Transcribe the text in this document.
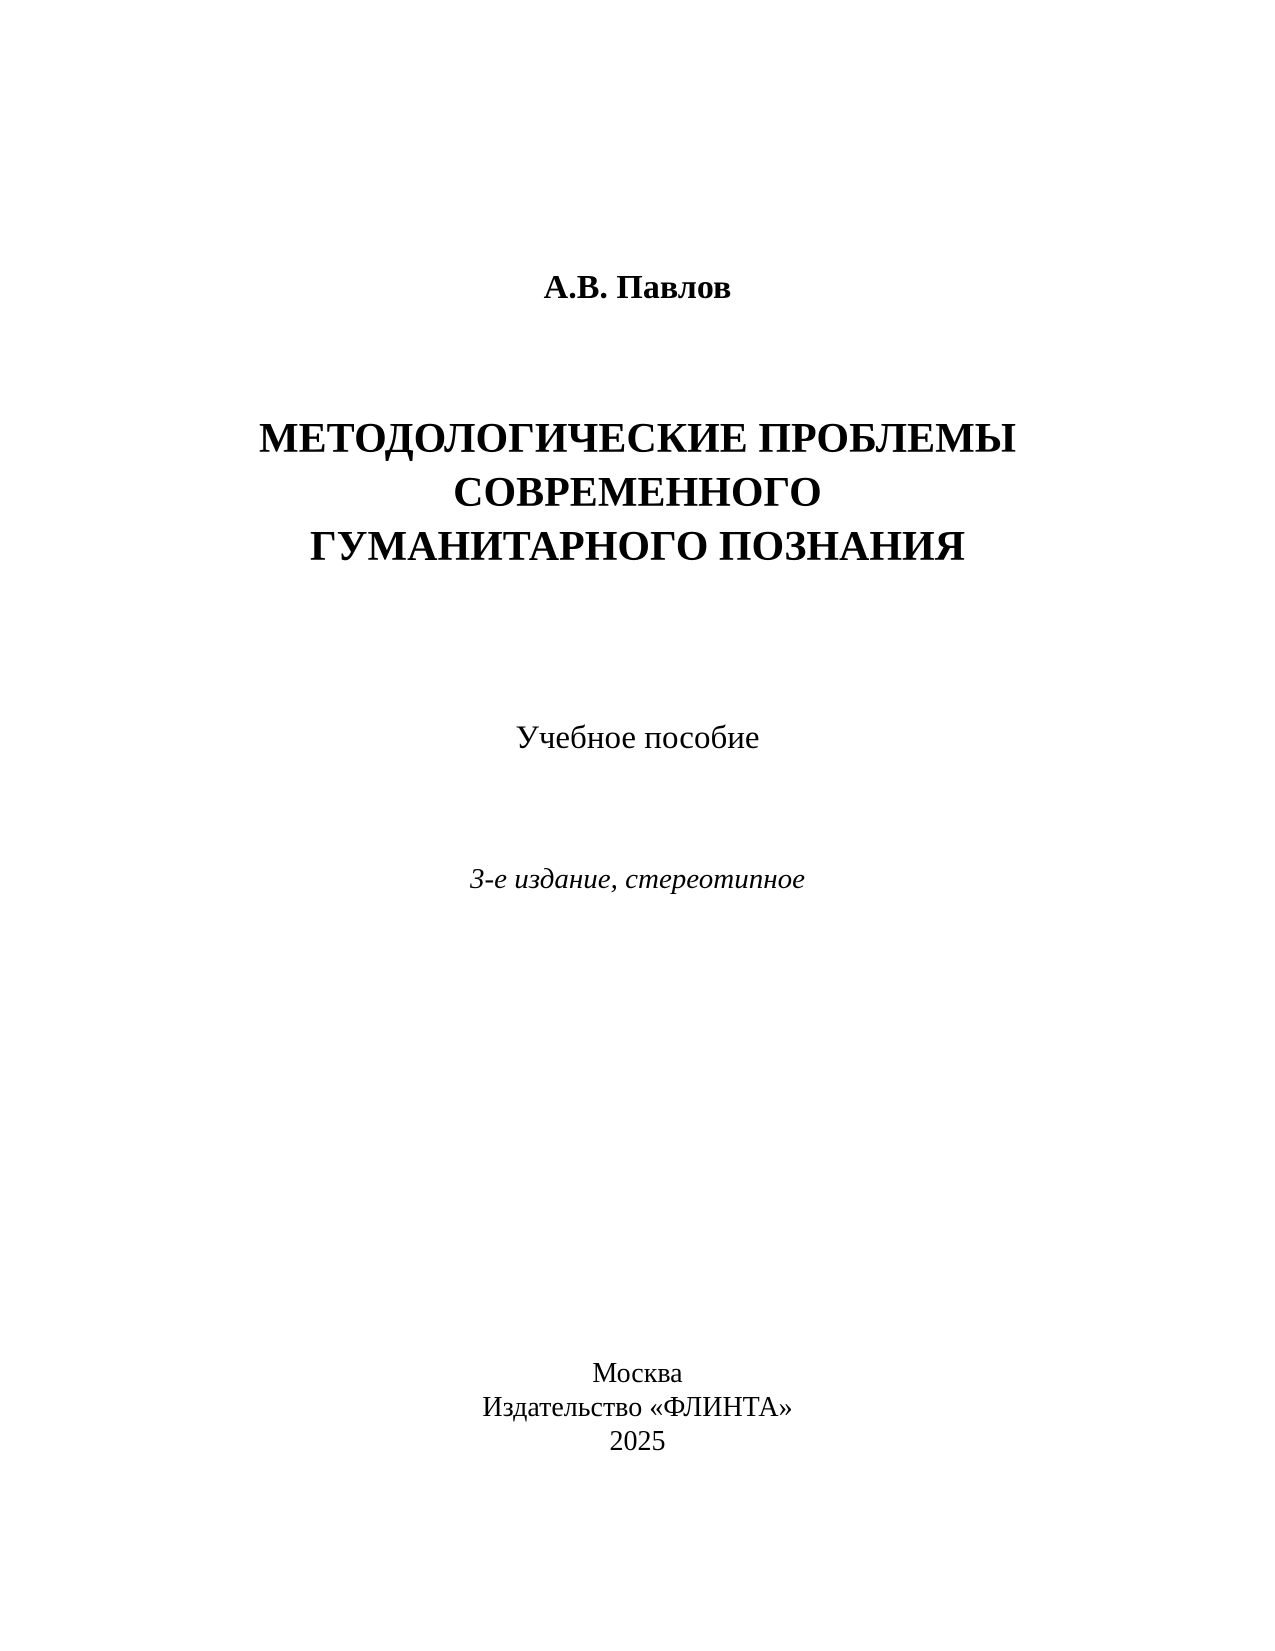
А.В. Павлов
МЕТОДОЛОГИЧЕСКИЕ ПРОБЛЕМЫ
СОВРЕМЕННОГО
ГУМАНИТАРНОГО ПОЗНАНИЯ
Учебное пособие
3-е издание, стереотипное
Москва
Издательство «ФЛИНТА»
2025
